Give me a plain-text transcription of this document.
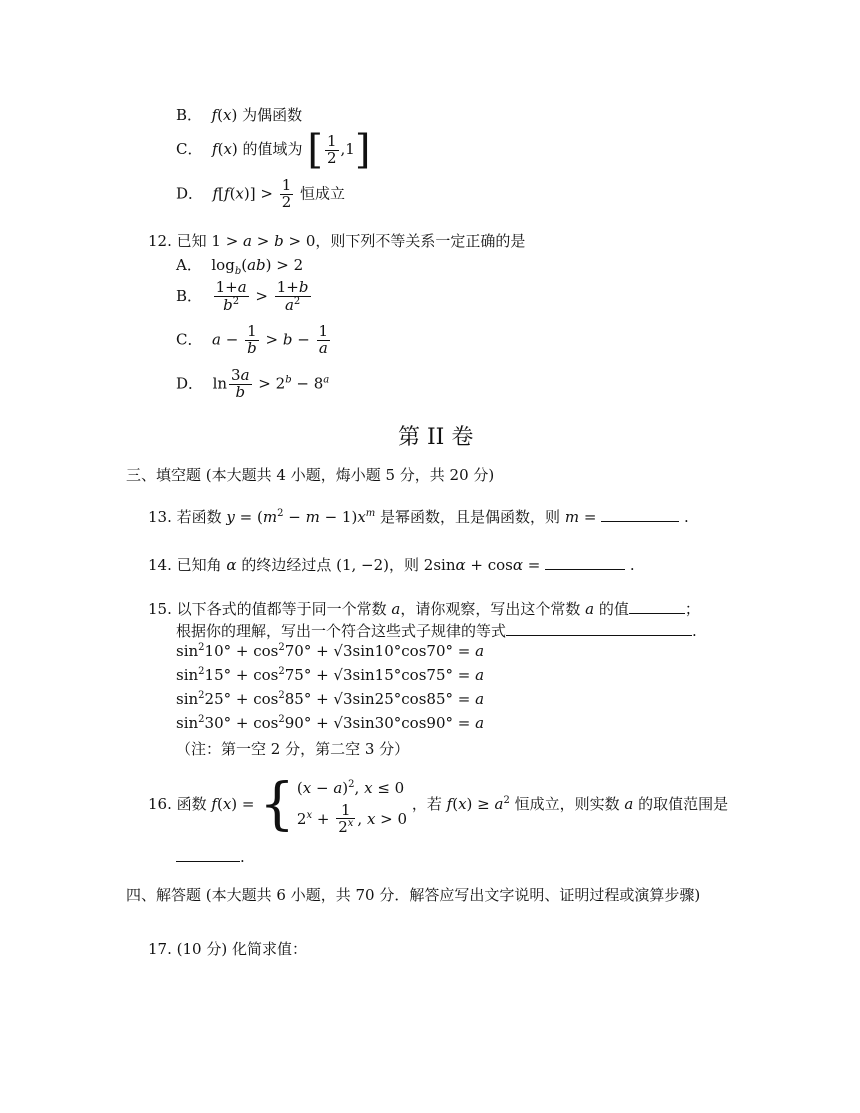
B． f(x) 为偶函数
C． f(x) 的值域为 [ $\frac{1}{2} ,1$]
D． $f[f(x)] > \frac{1}{2}$ 恒成立
12. 已知 1 > a > b > 0，则下列不等关系一定正确的是
A．  $\log_b(ab) > 2$
B． $\frac{1+a}{b^2} > \frac{1+b}{a^2}$
C． $a - \frac{1}{b} > b - \frac{1}{a}$
D．  $\ln \frac{3a}{b} > 2^b - 8^a$
第 II 卷
三、填空题 (本大题共 4 小题，烸小题 5 分，共 20 分)
13. 若函数 $y = (m^2 - m - 1)x^m$ 是幂函数，且是偶函数，则 m =	.
14. 已知角 α 的终边经过点 (1, −2)，则 2sinα + cosα =	.
15. 以下各式的值都等于同一个常数 a，请你观察，写出这个常数 a 的值	；
根据你的理解，写出一个符合这些式子规律的等式	.
$\sin^210^\circ + \cos^270^\circ + √3\sin 10^\circ\cos 70^\circ = a$
$\sin^215^\circ + \cos^275^\circ + √3\sin 15^\circ\cos 75^\circ = a$
$\sin^225^\circ + \cos^285^\circ + √3\sin 25^\circ\cos 85^\circ = a$
$\sin^230^\circ + \cos^290^\circ + √3\sin 30^\circ\cos 90^\circ = a$
（注：第一空 2 分，第二空 3 分）
16. 函数 f(x) = { $(x - a)^2$, x ≤ 0
$2^x + \frac{1}{2^x}$ , x > 0 ，若 $f(x) \ge a^2$ 恒成立，则实数 a 的取值范围是
.
四、解答题 (本大题共 6 小题，共 70 分．解答应写出文字说明、证明过程或演算步骤)
17. (10 分) 化简求值：
